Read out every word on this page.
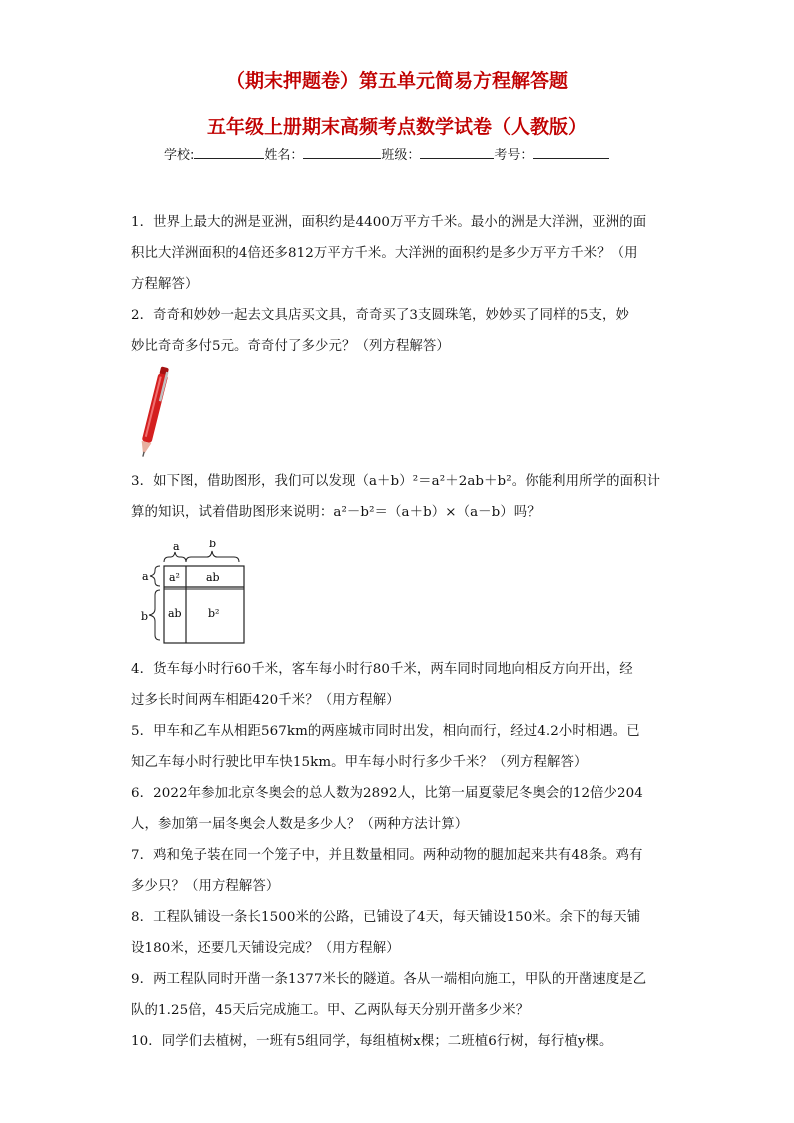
（期末押题卷）第五单元简易方程解答题
五年级上册期末高频考点数学试卷（人教版）
学校:	姓名：	班级：	考号：
1．世界上最大的洲是亚洲，面积约是4400万平方千米。最小的洲是大洋洲，亚洲的面
积比大洋洲面积的4倍还多812万平方千米。大洋洲的面积约是多少万平方千米？（用
方程解答）
2．奇奇和妙妙一起去文具店买文具，奇奇买了3支圆珠笔，妙妙买了同样的5支，妙
妙比奇奇多付5元。奇奇付了多少元？（列方程解答）
3．如下图，借助图形，我们可以发现（a＋b）²＝a²＋2ab＋b²。你能利用所学的面积计
算的知识，试着借助图形来说明：a²－b²＝（a＋b）×（a－b）吗？
a	b
a
b
a² ab
ab b²
4．货车每小时行60千米，客车每小时行80千米，两车同时同地向相反方向开出，经
过多长时间两车相距420千米？（用方程解）
5．甲车和乙车从相距567km的两座城市同时出发，相向而行，经过4.2小时相遇。已
知乙车每小时行驶比甲车快15km。甲车每小时行多少千米？（列方程解答）
6．2022年参加北京冬奥会的总人数为2892人，比第一届夏蒙尼冬奥会的12倍少204
人，参加第一届冬奥会人数是多少人？（两种方法计算）
7．鸡和兔子装在同一个笼子中，并且数量相同。两种动物的腿加起来共有48条。鸡有
多少只？（用方程解答）
8．工程队铺设一条长1500米的公路，已铺设了4天，每天铺设150米。余下的每天铺
设180米，还要几天铺设完成？（用方程解）
9．两工程队同时开凿一条1377米长的隧道。各从一端相向施工，甲队的开凿速度是乙
队的1.25倍，45天后完成施工。甲、乙两队每天分别开凿多少米？
10．同学们去植树，一班有5组同学，每组植树x棵；二班植6行树，每行植y棵。
